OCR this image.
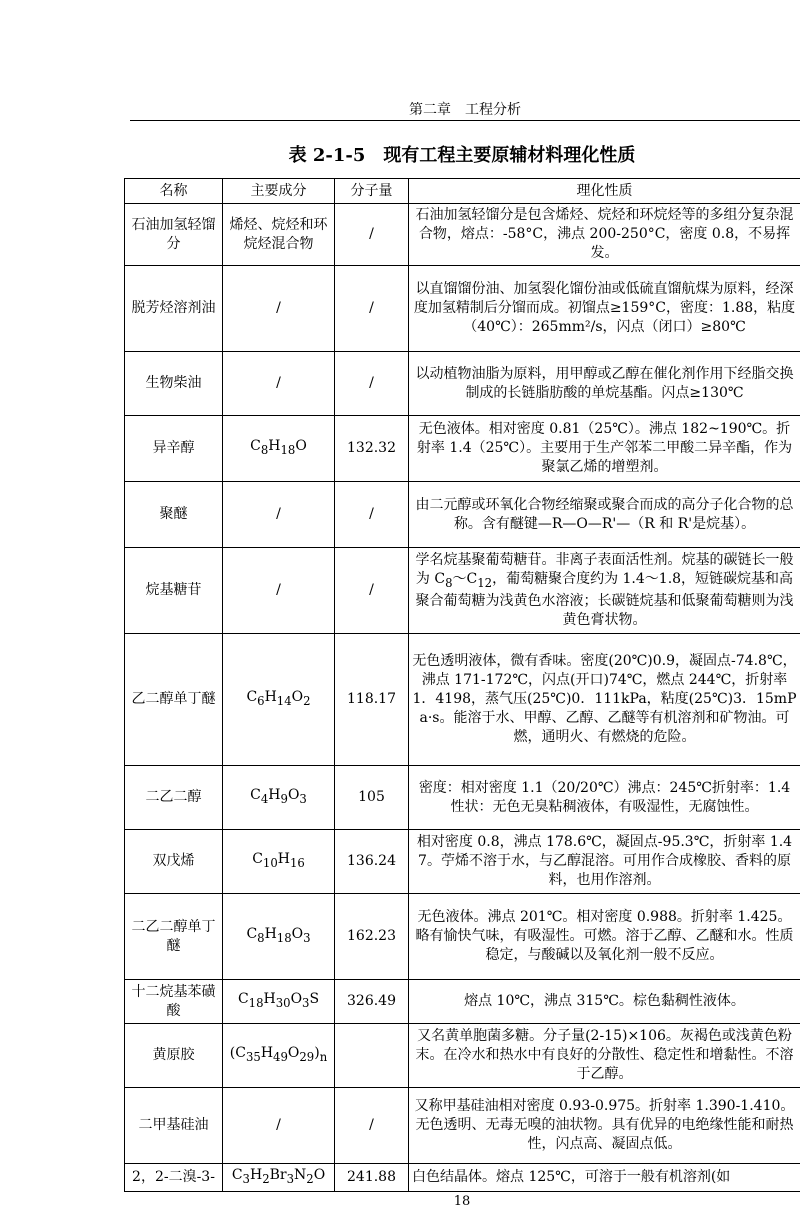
第二章　工程分析
表 2-1-5　现有工程主要原辅材料理化性质
名称	主要成分	分子量	理化性质
石油加氢轻馏分	烯烃、烷烃和环烷烃混合物	/	石油加氢轻馏分是包含烯烃、烷烃和环烷烃等的多组分复杂混合物，熔点：-58°C，沸点 200-250°C，密度 0.8，不易挥发。
脱芳烃溶剂油	/	/	以直馏馏份油、加氢裂化馏份油或低硫直馏航煤为原料，经深度加氢精制后分馏而成。初馏点≥159°C，密度：1.88，粘度（40℃）：265mm²/s，闪点（闭口）≥80℃
生物柴油	/	/	以动植物油脂为原料，用甲醇或乙醇在催化剂作用下经脂交换制成的长链脂肪酸的单烷基酯。闪点≥130℃
异辛醇	$C_8H_{18}O$	132.32	无色液体。相对密度 0.81（25℃）。沸点 182~190℃。折射率 1.4（25℃）。主要用于生产邻苯二甲酸二异辛酯，作为聚氯乙烯的增塑剂。
聚醚	/	/	由二元醇或环氧化合物经缩聚或聚合而成的高分子化合物的总称。含有醚键—R—O—R'—（R 和 R'是烷基）。
烷基糖苷	/	/	学名烷基聚葡萄糖苷。非离子表面活性剂。烷基的碳链长一般为 $C_8\sim C_{12}$，葡萄糖聚合度约为 1.4～1.8，短链碳烷基和高聚合葡萄糖为浅黄色水溶液；长碳链烷基和低聚葡萄糖则为浅黄色膏状物。
乙二醇单丁醚	$C_6H_{14}O_2$	118.17	无色透明液体，微有香味。密度(20℃)0.9，凝固点-74.8℃，沸点 171-172℃，闪点(开口)74℃，燃点 244℃，折射率 1．4198，蒸气压(25℃)0．111kPa，粘度(25℃)3．15mPa·s。能溶于水、甲醇、乙醇、乙醚等有机溶剂和矿物油。可燃，通明火、有燃烧的危险。
二乙二醇	$C_4H_9O_3$	105	密度：相对密度 1.1（20/20℃）沸点：245℃折射率：1.4 性状：无色无臭粘稠液体，有吸湿性，无腐蚀性。
双戊烯	$C_{10}H_{16}$	136.24	相对密度 0.8，沸点 178.6℃，凝固点-95.3℃，折射率 1.47。苧烯不溶于水，与乙醇混溶。可用作合成橡胶、香料的原料，也用作溶剂。
二乙二醇单丁醚	$C_8H_{18}O_3$	162.23	无色液体。沸点 201℃。相对密度 0.988。折射率 1.425。略有愉快气味，有吸湿性。可燃。溶于乙醇、乙醚和水。性质稳定，与酸碱以及氧化剂一般不反应。
十二烷基苯磺酸	$C_{18}H_{30}O_3S$	326.49	熔点 10℃，沸点 315℃。棕色黏稠性液体。
黄原胶	$(C_{35}H_{49}O_{29})_n$		又名黄单胞菌多糖。分子量(2-15)×106。灰褐色或浅黄色粉末。在冷水和热水中有良好的分散性、稳定性和增黏性。不溶于乙醇。
二甲基硅油	/	/	又称甲基硅油相对密度 0.93-0.975。折射率 1.390-1.410。无色透明、无毒无嗅的油状物。具有优异的电绝缘性能和耐热性，闪点高、凝固点低。
2，2-二溴-3-	$C_3H_2Br_3N_2O$	241.88	白色结晶体。熔点 125℃，可溶于一般有机溶剂(如
18
